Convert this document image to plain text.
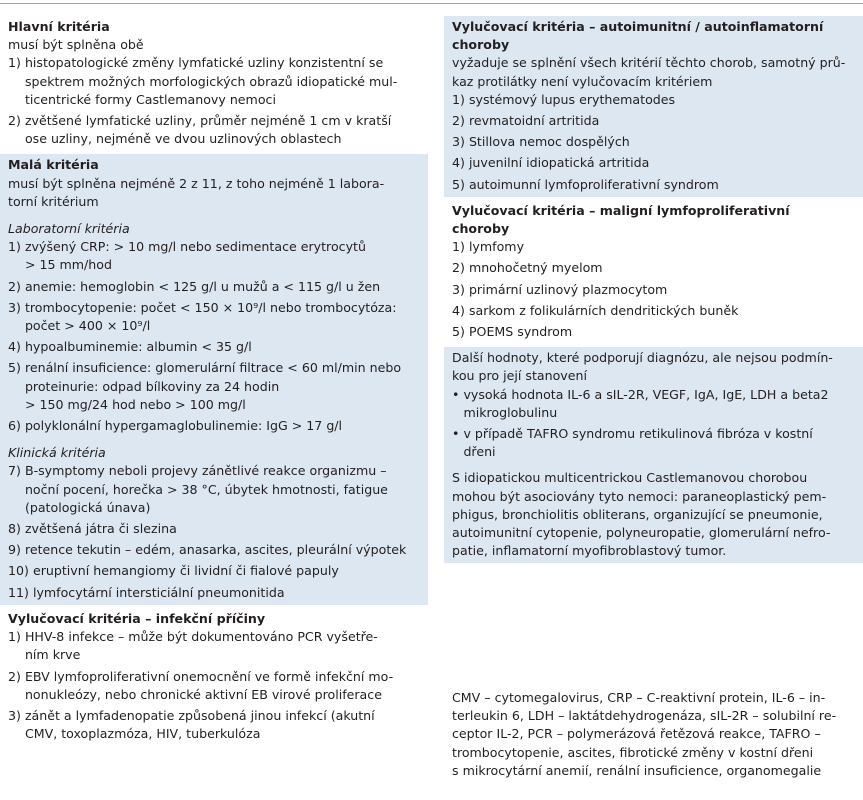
Hlavní kritéria

musí být splněna obě

1) histopatologické změny lymfatické uzliny konzistentní se
spektrem možných morfologických obrazů idiopatické mul-
ticentrické formy Castlemanovy nemoci
2) zvětšené lymfatické uzliny, průměr nejméně 1 cm v kratší
ose uzliny, nejméně ve dvou uzlinových oblastech
Malá kritéria
musí být splněna nejméně 2 z 11, z toho nejméně 1 labora-
torní kritérium
Laboratorní kritéria
1) zvýšený CRP: > 10 mg/l nebo sedimentace erytrocytů
> 15 mm/hod
2) anemie: hemoglobin < 125 g/l u mužů a < 115 g/l u žen
3) trombocytopenie: počet < 150 × 10⁹/l nebo trombocytóza:
počet > 400 × 10⁹/l
4) hypoalbuminemie: albumin < 35 g/l
5) renální insuficience: glomerulární filtrace < 60 ml/min nebo
proteinurie: odpad bílkoviny za 24 hodin
> 150 mg/24 hod nebo > 100 mg/l
6) polyklonální hypergamaglobulinemie: IgG > 17 g/l
Klinická kritéria
7) B-symptomy neboli projevy zánětlivé reakce organizmu –
noční pocení, horečka > 38 °C, úbytek hmotnosti, fatigue
(patologická únava)
8) zvětšená játra či slezina
9) retence tekutin – edém, anasarka, ascites, pleurální výpotek
10) eruptivní hemangiomy či lividní či fialové papuly
11) lymfocytární intersticiální pneumonitida
Vylučovací kritéria – infekční příčiny
1) HHV-8 infekce – může být dokumentováno PCR vyšetře-
ním krve
2) EBV lymfoproliferativní onemocnění ve formě infekční mo-
nonukleózy, nebo chronické aktivní EB virové proliferace
3) zánět a lymfadenopatie způsobená jinou infekcí (akutní
CMV, toxoplazmóza, HIV, tuberkulóza
Vylučovací kritéria – autoimunitní / autoinflamatorní
choroby
vyžaduje se splnění všech kritérií těchto chorob, samotný prů-
kaz protilátky není vylučovacím kritériem
1) systémový lupus erythematodes
2) revmatoidní artritida
3) Stillova nemoc dospělých
4) juvenilní idiopatická artritida
5) autoimunní lymfoproliferativní syndrom
Vylučovací kritéria – maligní lymfoproliferativní
choroby
1) lymfomy
2) mnohočetný myelom
3) primární uzlinový plazmocytom
4) sarkom z folikulárních dendritických buněk
5) POEMS syndrom
Další hodnoty, které podporují diagnózu, ale nejsou podmín-
kou pro její stanovení
• vysoká hodnota IL-6 a sIL-2R, VEGF, IgA, IgE, LDH a beta2
mikroglobulinu
• v případě TAFRO syndromu retikulinová fibróza v kostní
dřeni
S idiopatickou multicentrickou Castlemanovou chorobou
mohou být asociovány tyto nemoci: paraneoplastický pem-
phigus, bronchiolitis obliterans, organizující se pneumonie,
autoimunitní cytopenie, polyneuropatie, glomerulární nefro-
patie, inflamatorní myofibroblastový tumor.
CMV – cytomegalovirus, CRP – C-reaktivní protein, IL-6 – in-
terleukin 6, LDH – laktátdehydrogenáza, sIL-2R – solubilní re-
ceptor IL-2, PCR – polymerázová řetězová reakce, TAFRO –
trombocytopenie, ascites, fibrotické změny v kostní dřeni
s mikrocytární anemií, renální insuficience, organomegalie
